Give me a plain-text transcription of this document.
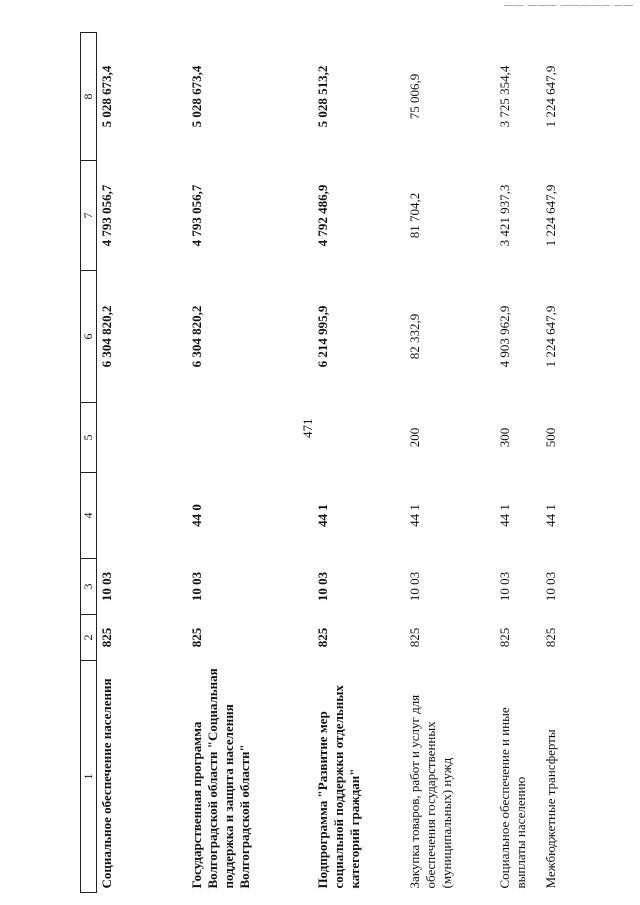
—— ——— ————— ——
471
1	2	3	4	5	6	7	8
Социальное обеспечение населения	825	10 03			6 304 820,2	4 793 056,7	5 028 673,4
Государственная программа Волгоградской области "Социальная поддержка и защита населения Волгоградской области"	825	10 03	44 0		6 304 820,2	4 793 056,7	5 028 673,4
Подпрограмма "Развитие мер социальной поддержки отдельных категорий граждан"	825	10 03	44 1		6 214 995,9	4 792 486,9	5 028 513,2
Закупка товаров, работ и услуг для обеспечения государственных (муниципальных) нужд	825	10 03	44 1	200	82 332,9	81 704,2	75 006,9
Социальное обеспечение и иные выплаты населению	825	10 03	44 1	300	4 903 962,9	3 421 937,3	3 725 354,4
Межбюджетные трансферты	825	10 03	44 1	500	1 224 647,9	1 224 647,9	1 224 647,9
